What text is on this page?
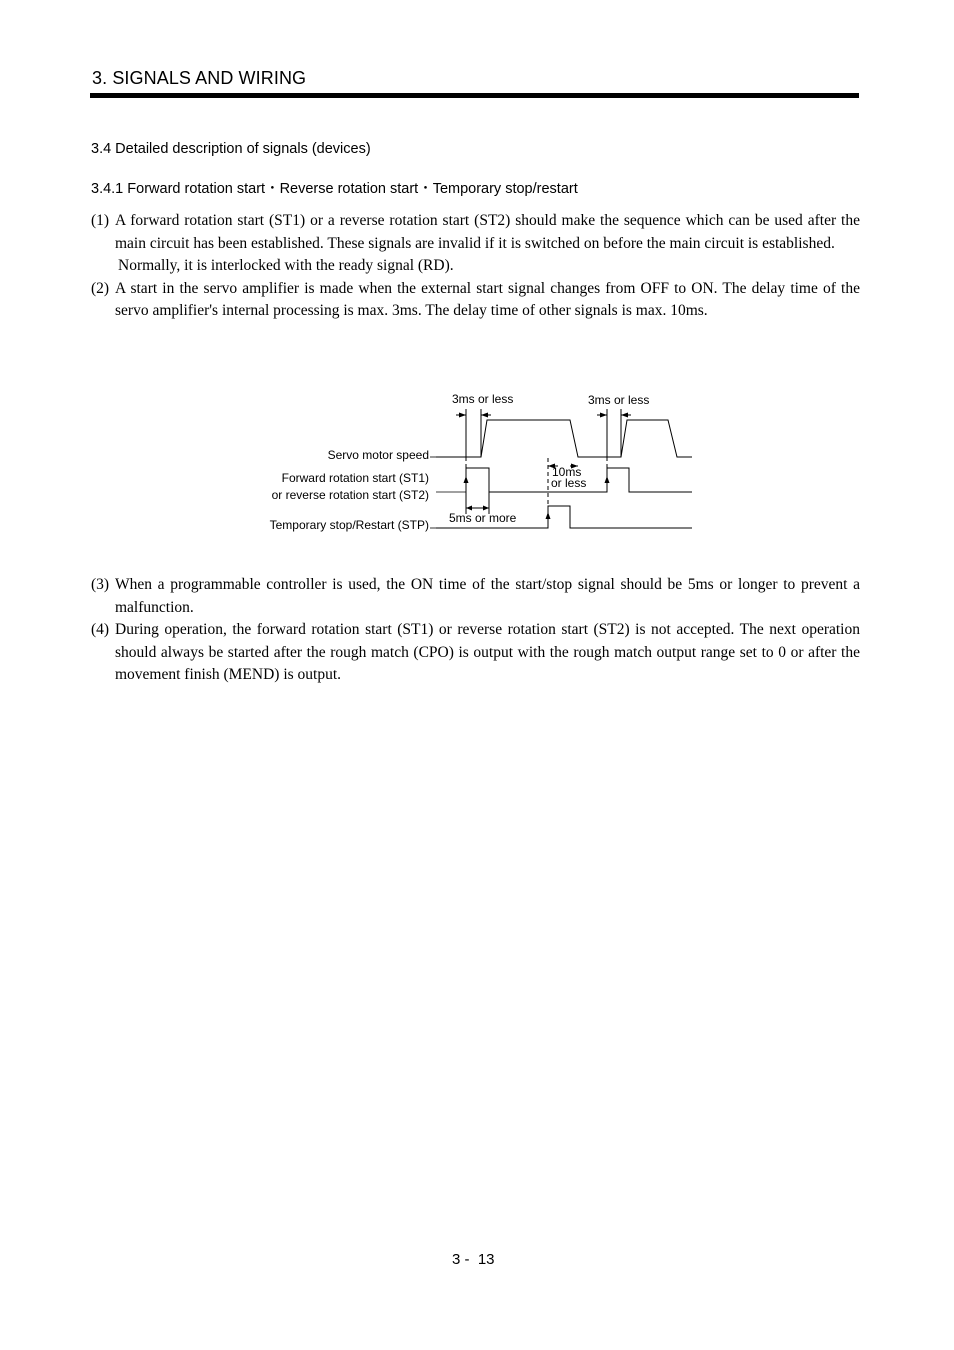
3. SIGNALS AND WIRING
3.4 Detailed description of signals (devices)
3.4.1 Forward rotation start・Reverse rotation start・Temporary stop/restart
(1) A forward rotation start (ST1) or a reverse rotation start (ST2) should make the sequence which can be used after the main circuit has been established. These signals are invalid if it is switched on before the main circuit is established.
Normally, it is interlocked with the ready signal (RD).
(2) A start in the servo amplifier is made when the external start signal changes from OFF to ON. The delay time of the servo amplifier's internal processing is max. 3ms. The delay time of other signals is max. 10ms.
Servo motor speed
Forward rotation start (ST1)
or reverse rotation start (ST2)
Temporary stop/Restart (STP)
3ms or less	3ms or less
10ms
or less
5ms or more
(3) When a programmable controller is used, the ON time of the start/stop signal should be 5ms or longer to prevent a malfunction.
(4) During operation, the forward rotation start (ST1) or reverse rotation start (ST2) is not accepted. The next operation should always be started after the rough match (CPO) is output with the rough match output range set to 0 or after the movement finish (MEND) is output.
3 -  13
